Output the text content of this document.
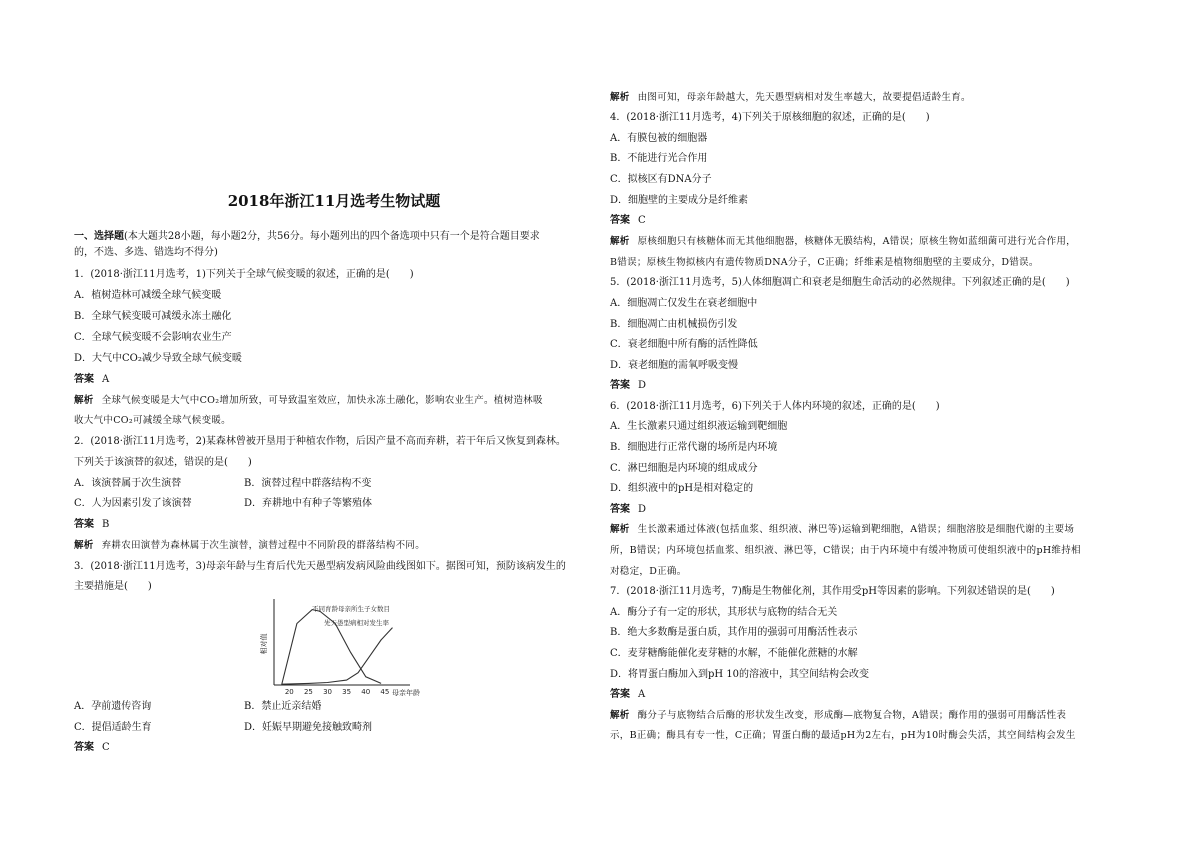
2018年浙江11月选考生物试题
一、选择题(本大题共28小题，每小题2分，共56分。每小题列出的四个备选项中只有一个是符合题目要求
的，不选、多选、错选均不得分)
1．(2018·浙江11月选考，1)下列关于全球气候变暖的叙述，正确的是(　　)
A．植树造林可减缓全球气候变暖
B．全球气候变暖可减缓永冻土融化
C．全球气候变暖不会影响农业生产
D．大气中CO₂减少导致全球气候变暖
答案 A
解析 全球气候变暖是大气中CO₂增加所致，可导致温室效应，加快永冻土融化，影响农业生产。植树造林吸
收大气中CO₂可减缓全球气候变暖。
2．(2018·浙江11月选考，2)某森林曾被开垦用于种植农作物，后因产量不高而弃耕，若干年后又恢复到森林。
下列关于该演替的叙述，错误的是(　　)
A．该演替属于次生演替	B．演替过程中群落结构不变
C．人为因素引发了该演替	D．弃耕地中有种子等繁殖体
答案 B
解析 弃耕农田演替为森林属于次生演替，演替过程中不同阶段的群落结构不同。
3．(2018·浙江11月选考，3)母亲年龄与生育后代先天愚型病发病风险曲线图如下。据图可知，预防该病发生的
主要措施是(　　)
20 25 30 35 40 45 母亲年龄
相对值
不同育龄母亲所生子女数目
先天愚型病相对发生率
A．孕前遗传咨询	B．禁止近亲结婚
C．提倡适龄生育	D．妊娠早期避免接触致畸剂
答案 C
解析 由图可知，母亲年龄越大，先天愚型病相对发生率越大，故要提倡适龄生育。
4．(2018·浙江11月选考，4)下列关于原核细胞的叙述，正确的是(　　)
A．有膜包被的细胞器
B．不能进行光合作用
C．拟核区有DNA分子
D．细胞壁的主要成分是纤维素
答案 C
解析 原核细胞只有核糖体而无其他细胞器，核糖体无膜结构，A错误；原核生物如蓝细菌可进行光合作用，
B错误；原核生物拟核内有遗传物质DNA分子，C正确；纤维素是植物细胞壁的主要成分，D错误。
5．(2018·浙江11月选考，5)人体细胞凋亡和衰老是细胞生命活动的必然规律。下列叙述正确的是(　　)
A．细胞凋亡仅发生在衰老细胞中
B．细胞凋亡由机械损伤引发
C．衰老细胞中所有酶的活性降低
D．衰老细胞的需氧呼吸变慢
答案 D
6．(2018·浙江11月选考，6)下列关于人体内环境的叙述，正确的是(　　)
A．生长激素只通过组织液运输到靶细胞
B．细胞进行正常代谢的场所是内环境
C．淋巴细胞是内环境的组成成分
D．组织液中的pH是相对稳定的
答案 D
解析 生长激素通过体液(包括血浆、组织液、淋巴等)运输到靶细胞，A错误；细胞溶胶是细胞代谢的主要场
所，B错误；内环境包括血浆、组织液、淋巴等，C错误；由于内环境中有缓冲物质可使组织液中的pH维持相
对稳定，D正确。
7．(2018·浙江11月选考，7)酶是生物催化剂，其作用受pH等因素的影响。下列叙述错误的是(　　)
A．酶分子有一定的形状，其形状与底物的结合无关
B．绝大多数酶是蛋白质，其作用的强弱可用酶活性表示
C．麦芽糖酶能催化麦芽糖的水解，不能催化蔗糖的水解
D．将胃蛋白酶加入到pH 10的溶液中，其空间结构会改变
答案 A
解析 酶分子与底物结合后酶的形状发生改变，形成酶—底物复合物，A错误；酶作用的强弱可用酶活性表
示，B正确；酶具有专一性，C正确；胃蛋白酶的最适pH为2左右，pH为10时酶会失活，其空间结构会发生
